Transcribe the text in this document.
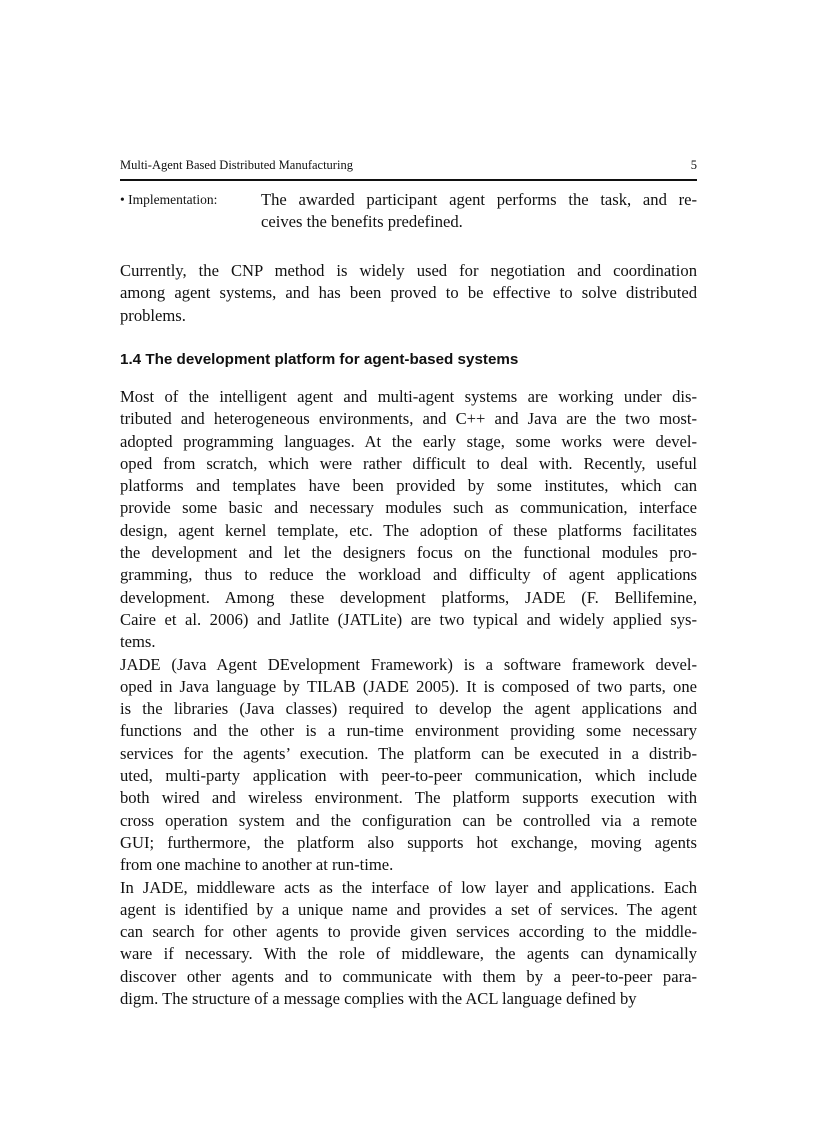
Multi-Agent Based Distributed Manufacturing	5
• Implementation:	The awarded participant agent performs the task, and re-
ceives the benefits predefined.
Currently, the CNP method is widely used for negotiation and coordination
among agent systems, and has been proved to be effective to solve distributed
problems.
1.4 The development platform for agent-based systems
Most of the intelligent agent and multi-agent systems are working under dis-
tributed and heterogeneous environments, and C++ and Java are the two most-
adopted programming languages. At the early stage, some works were devel-
oped from scratch, which were rather difficult to deal with. Recently, useful
platforms and templates have been provided by some institutes, which can
provide some basic and necessary modules such as communication, interface
design, agent kernel template, etc. The adoption of these platforms facilitates
the development and let the designers focus on the functional modules pro-
gramming, thus to reduce the workload and difficulty of agent applications
development. Among these development platforms, JADE (F. Bellifemine,
Caire et al. 2006) and Jatlite (JATLite) are two typical and widely applied sys-
tems.
JADE (Java Agent DEvelopment Framework) is a software framework devel-
oped in Java language by TILAB (JADE 2005). It is composed of two parts, one
is the libraries (Java classes) required to develop the agent applications and
functions and the other is a run-time environment providing some necessary
services for the agents’ execution. The platform can be executed in a distrib-
uted, multi-party application with peer-to-peer communication, which include
both wired and wireless environment. The platform supports execution with
cross operation system and the configuration can be controlled via a remote
GUI; furthermore, the platform also supports hot exchange, moving agents
from one machine to another at run-time.
In JADE, middleware acts as the interface of low layer and applications. Each
agent is identified by a unique name and provides a set of services. The agent
can search for other agents to provide given services according to the middle-
ware if necessary. With the role of middleware, the agents can dynamically
discover other agents and to communicate with them by a peer-to-peer para-
digm. The structure of a message complies with the ACL language defined by
